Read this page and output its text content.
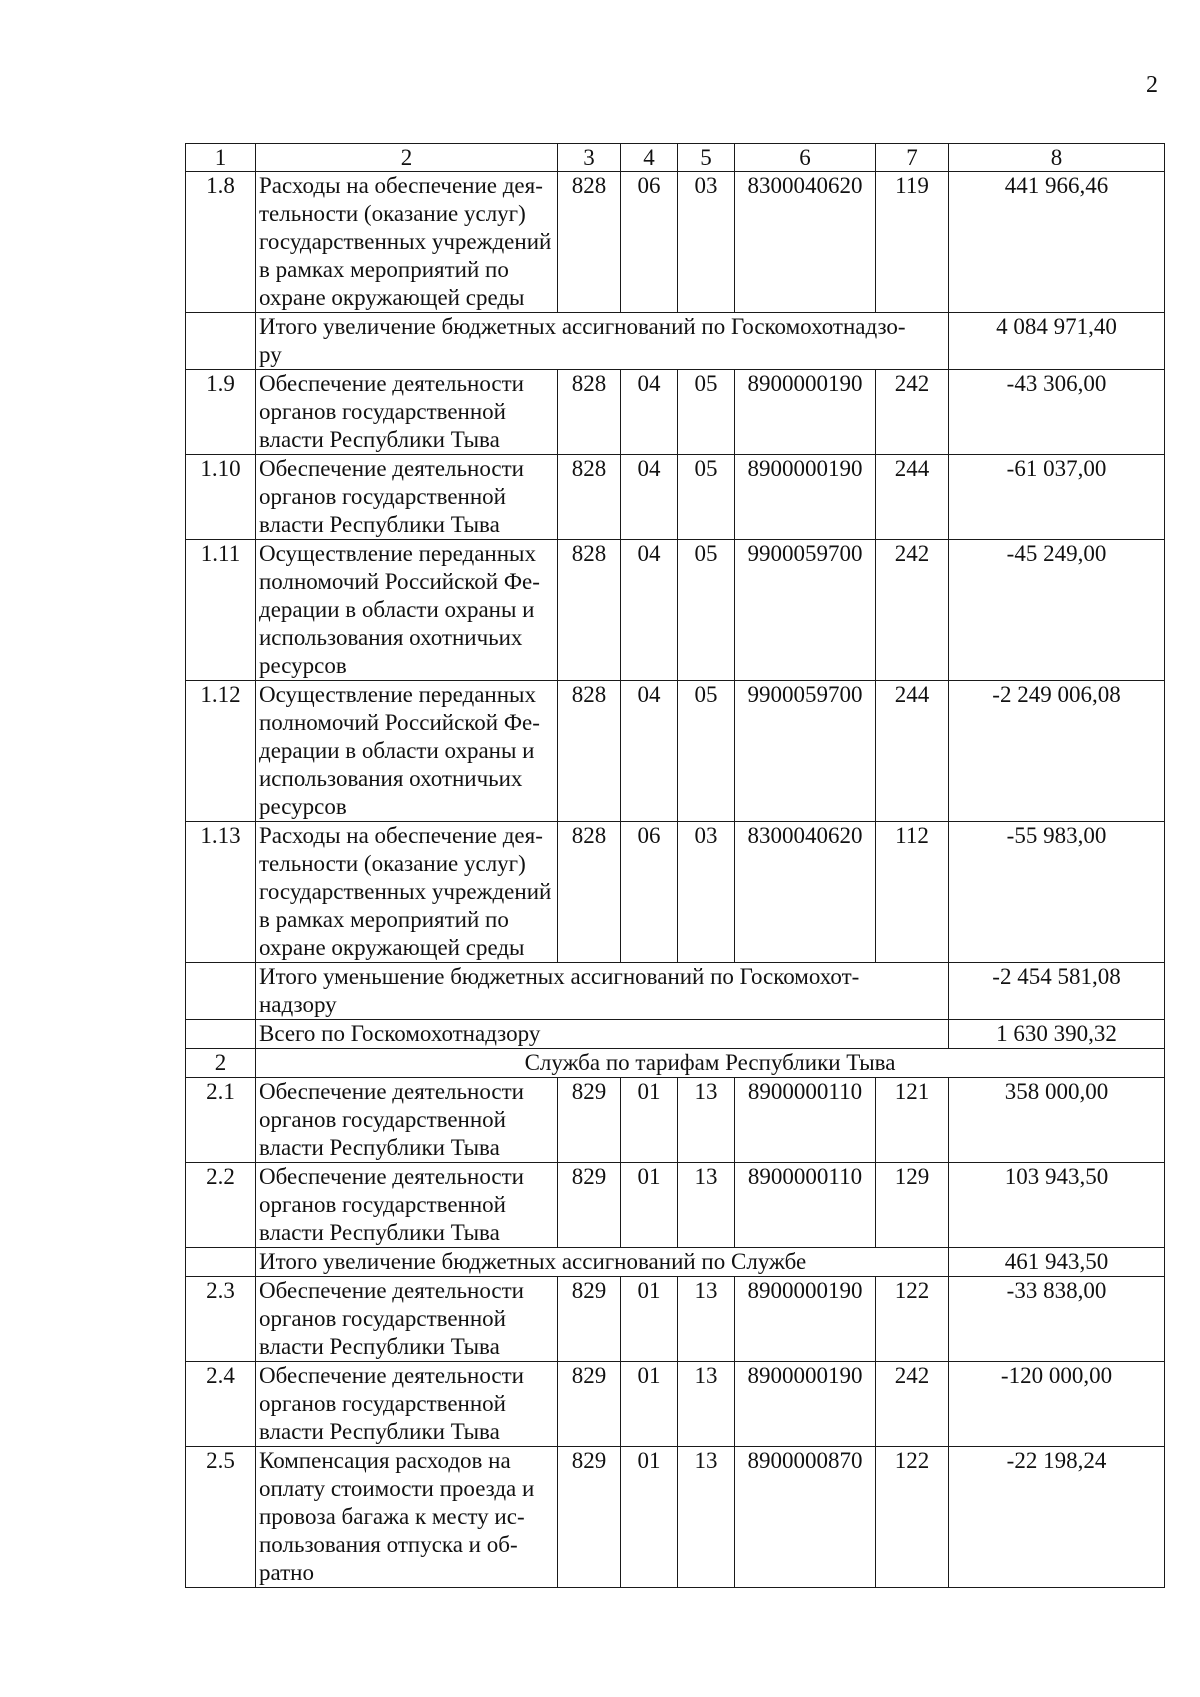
2
1	2	3	4	5	6	7	8
1.8	Расходы на обеспечение дея-
тельности (оказание услуг)
государственных учреждений
в рамках мероприятий по
охране окружающей среды	828	06	03	8300040620	119	441 966,46
	Итого увеличение бюджетных ассигнований по Госкомохотнадзо-
ру						4 084 971,40
1.9	Обеспечение деятельности
органов государственной
власти Республики Тыва	828	04	05	8900000190	242	-43 306,00
1.10	Обеспечение деятельности
органов государственной
власти Республики Тыва	828	04	05	8900000190	244	-61 037,00
1.11	Осуществление переданных
полномочий Российской Фе-
дерации в области охраны и
использования охотничьих
ресурсов	828	04	05	9900059700	242	-45 249,00
1.12	Осуществление переданных
полномочий Российской Фе-
дерации в области охраны и
использования охотничьих
ресурсов	828	04	05	9900059700	244	-2 249 006,08
1.13	Расходы на обеспечение дея-
тельности (оказание услуг)
государственных учреждений
в рамках мероприятий по
охране окружающей среды	828	06	03	8300040620	112	-55 983,00
	Итого уменьшение бюджетных ассигнований по Госкомохот-
надзору						-2 454 581,08
	Всего по Госкомохотнадзору						1 630 390,32
2	Служба по тарифам Республики Тыва						
2.1	Обеспечение деятельности
органов государственной
власти Республики Тыва	829	01	13	8900000110	121	358 000,00
2.2	Обеспечение деятельности
органов государственной
власти Республики Тыва	829	01	13	8900000110	129	103 943,50
	Итого увеличение бюджетных ассигнований по Службе						461 943,50
2.3	Обеспечение деятельности
органов государственной
власти Республики Тыва	829	01	13	8900000190	122	-33 838,00
2.4	Обеспечение деятельности
органов государственной
власти Республики Тыва	829	01	13	8900000190	242	-120 000,00
2.5	Компенсация расходов на
оплату стоимости проезда и
провоза багажа к месту ис-
пользования отпуска и об-
ратно	829	01	13	8900000870	122	-22 198,24
